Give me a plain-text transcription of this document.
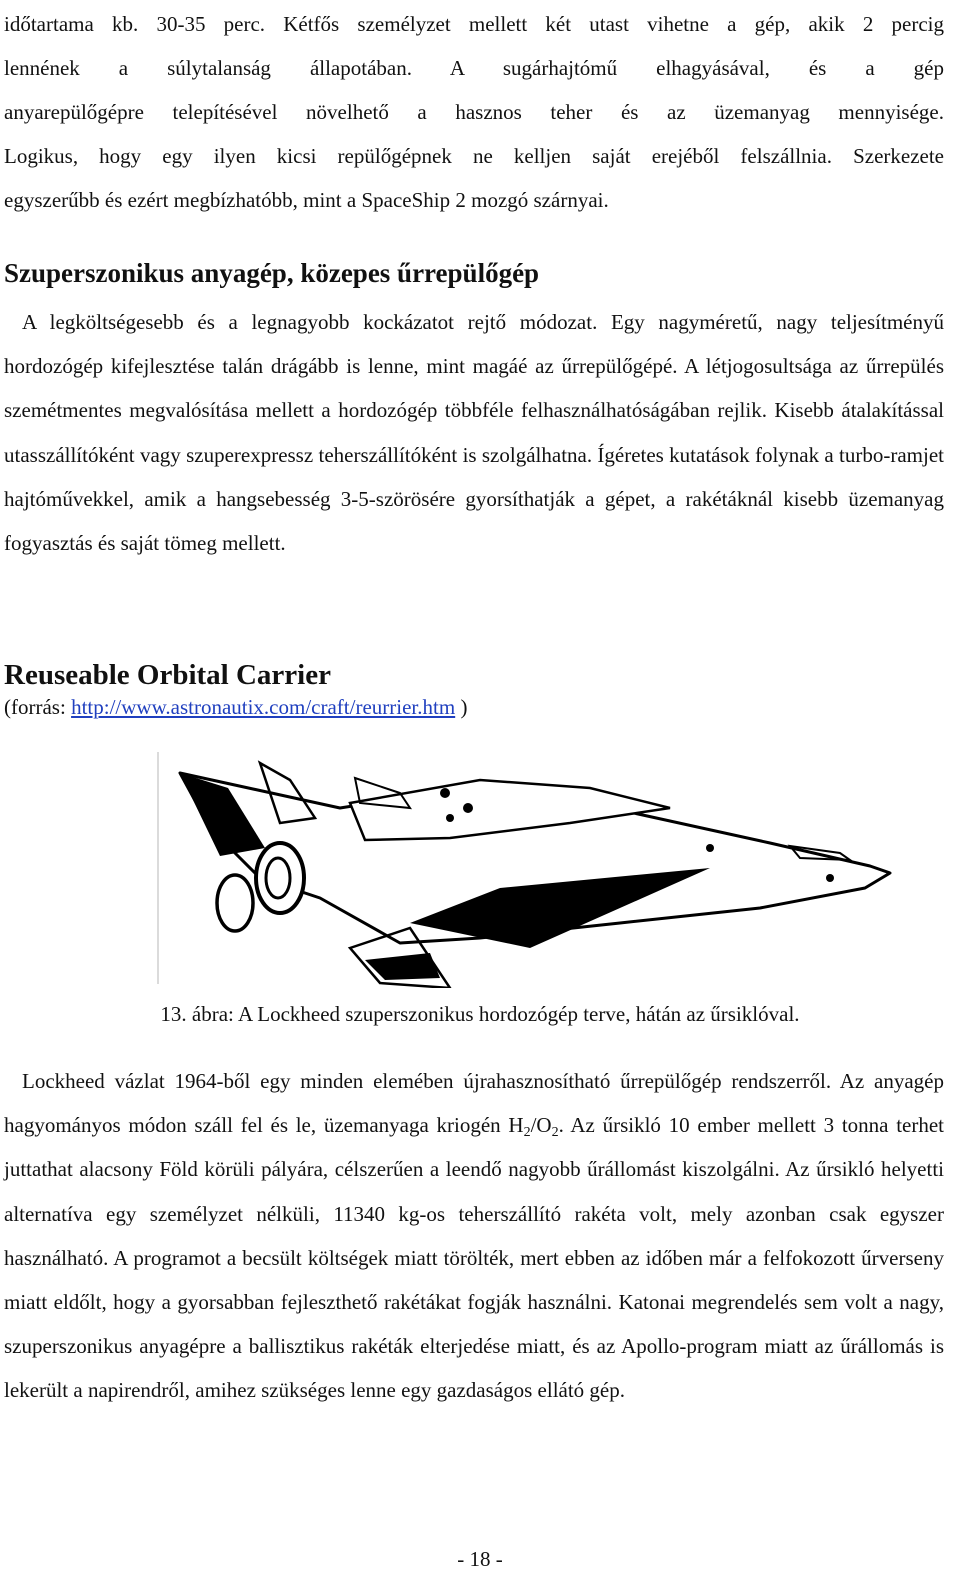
időtartama kb. 30-35 perc. Kétfős személyzet mellett két utast vihetne a gép, akik 2 percig

lennének a súlytalanság állapotában. A sugárhajtómű elhagyásával, és a gép

anyarepülőgépre telepítésével növelhető a hasznos teher és az üzemanyag mennyisége.

Logikus, hogy egy ilyen kicsi repülőgépnek ne kelljen saját erejéből felszállnia. Szerkezete

egyszerűbb és ezért megbízhatóbb, mint a SpaceShip 2 mozgó szárnyai.

Szuperszonikus anyagép, közepes űrrepülőgép

A legköltségesebb és a legnagyobb kockázatot rejtő módozat. Egy nagyméretű, nagy teljesítményű hordozógép kifejlesztése talán drágább is lenne, mint magáé az űrrepülőgépé. A létjogosultsága az űrrepülés szemétmentes megvalósítása mellett a hordozógép többféle felhasználhatóságában rejlik. Kisebb átalakítással utasszállítóként vagy szuperexpressz teherszállítóként is szolgálhatna. Ígéretes kutatások folynak a turbo-ramjet hajtóművekkel, amik a hangsebesség 3-5-szörösére gyorsíthatják a gépet, a rakétáknál kisebb üzemanyag fogyasztás és saját tömeg mellett.

Reuseable Orbital Carrier

(forrás: http://www.astronautix.com/craft/reurrier.htm )

13. ábra: A Lockheed szuperszonikus hordozógép terve, hátán az űrsiklóval.

Lockheed vázlat 1964-ből egy minden elemében újrahasznosítható űrrepülőgép rendszerről. Az anyagép hagyományos módon száll fel és le, üzemanyaga kriogén $H_2/O_2$. Az űrsikló 10 ember mellett 3 tonna terhet juttathat alacsony Föld körüli pályára, célszerűen a leendő nagyobb űrállomást kiszolgálni. Az űrsikló helyetti alternatíva egy személyzet nélküli, 11340 kg-os teherszállító rakéta volt, mely azonban csak egyszer használható. A programot a becsült költségek miatt törölték, mert ebben az időben már a felfokozott űrverseny miatt eldőlt, hogy a gyorsabban fejleszthető rakétákat fogják használni. Katonai megrendelés sem volt a nagy, szuperszonikus anyagépre a ballisztikus rakéták elterjedése miatt, és az Apollo-program miatt az űrállomás is lekerült a napirendről, amihez szükséges lenne egy gazdaságos ellátó gép.

- 18 -
